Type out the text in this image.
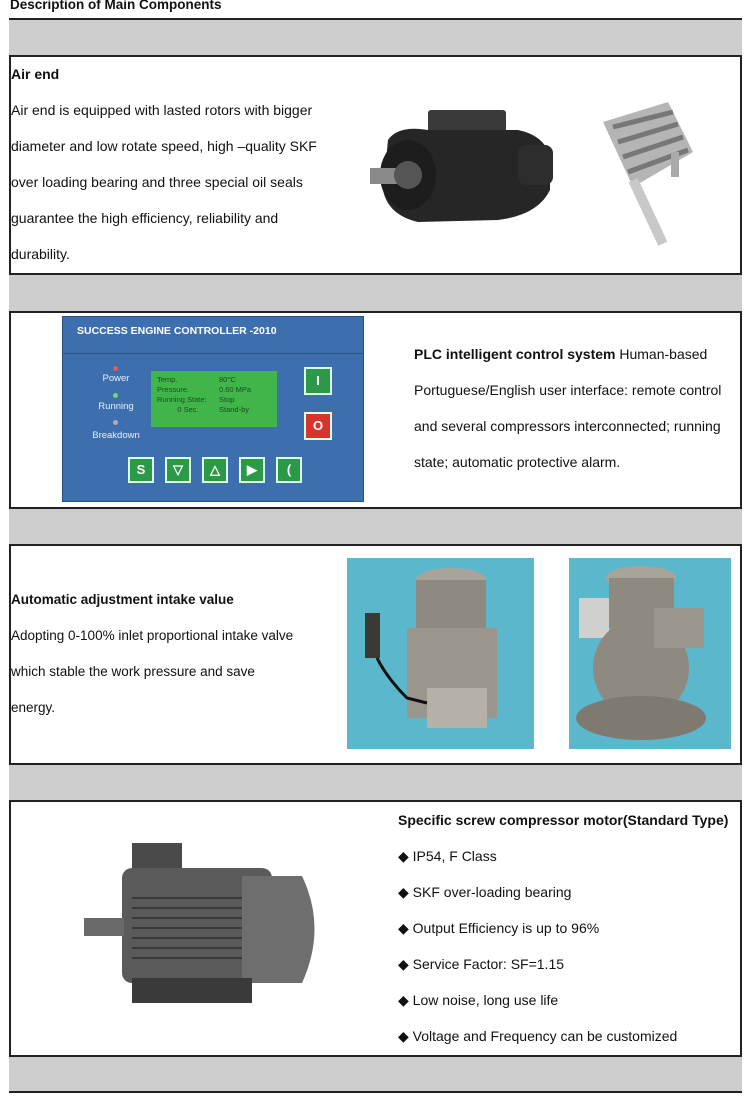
Description of Main Components
Air end
Air end is equipped with lasted rotors with bigger
diameter and low rotate speed, high –quality SKF
over loading bearing and three special oil seals
guarantee the high efficiency, reliability and
durability.
SUCCESS ENGINE CONTROLLER -2010
Power
Running
Breakdown
Temp.	80°C
Pressure.	0.60 MPa
Running State:	Stop
0 Sec.	Stand-by
I
O
S	▽	△	▶	(
PLC intelligent control system Human-based
Portuguese/English user interface: remote control
and several compressors interconnected; running
state; automatic protective alarm.
Automatic adjustment intake value
Adopting 0-100% inlet proportional intake valve
which stable the work pressure and save
energy.
Specific screw compressor motor(Standard Type)
◆ IP54, F Class
◆ SKF over-loading bearing
◆ Output Efficiency is up to 96%
◆ Service Factor: SF=1.15
◆ Low noise, long use life
◆ Voltage and Frequency can be customized
